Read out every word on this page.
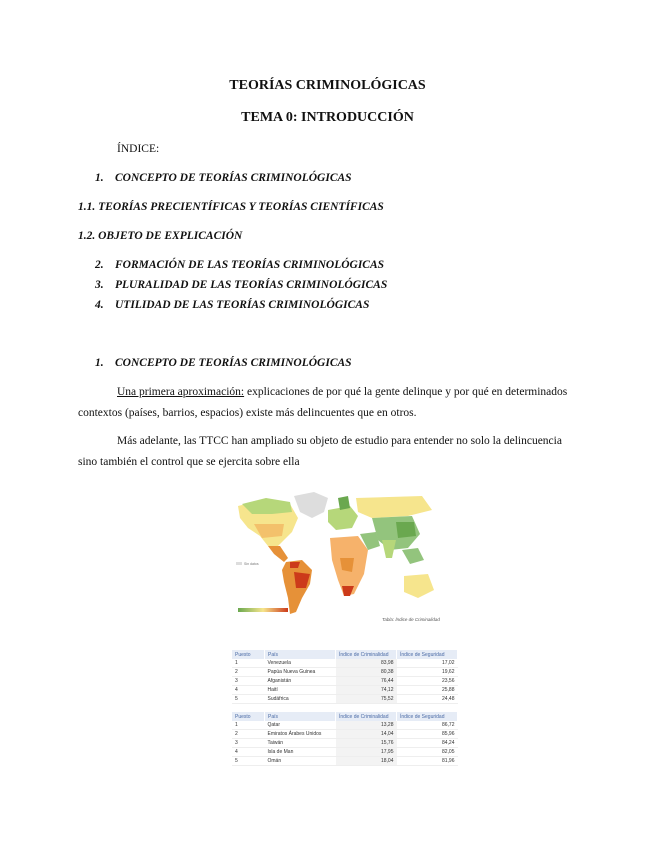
TEORÍAS CRIMINOLÓGICAS
TEMA 0: INTRODUCCIÓN
ÍNDICE:
1. CONCEPTO DE TEORÍAS CRIMINOLÓGICAS
1.1. TEORÍAS PRECIENTÍFICAS Y TEORÍAS CIENTÍFICAS
1.2. OBJETO DE EXPLICACIÓN
2. FORMACIÓN DE LAS TEORÍAS CRIMINOLÓGICAS
3. PLURALIDAD DE LAS TEORÍAS CRIMINOLÓGICAS
4. UTILIDAD DE LAS TEORÍAS CRIMINOLÓGICAS
1. CONCEPTO DE TEORÍAS CRIMINOLÓGICAS
Una primera aproximación: explicaciones de por qué la gente delinque y por qué en determinados
contextos (países, barrios, espacios) existe más delincuentes que en otros.
Más adelante, las TTCC han ampliado su objeto de estudio para entender no solo la delincuencia
sino también el control que se ejercita sobre ella
Sin datos
Tabla: Índice de Criminalidad
Puesto	País	Índice de Criminalidad	Índice de Seguridad
1	Venezuela	83,98	17,02
2	Papúa Nueva Guinea	80,38	19,62
3	Afganistán	76,44	23,56
4	Haití	74,12	25,88
5	Sudáfrica	75,52	24,48
Puesto	País	Índice de Criminalidad	Índice de Seguridad
1	Qatar	13,28	86,72
2	Emiratos Árabes Unidos	14,04	85,96
3	Taiwán	15,76	84,24
4	Isla de Man	17,95	82,05
5	Omán	18,04	81,96
